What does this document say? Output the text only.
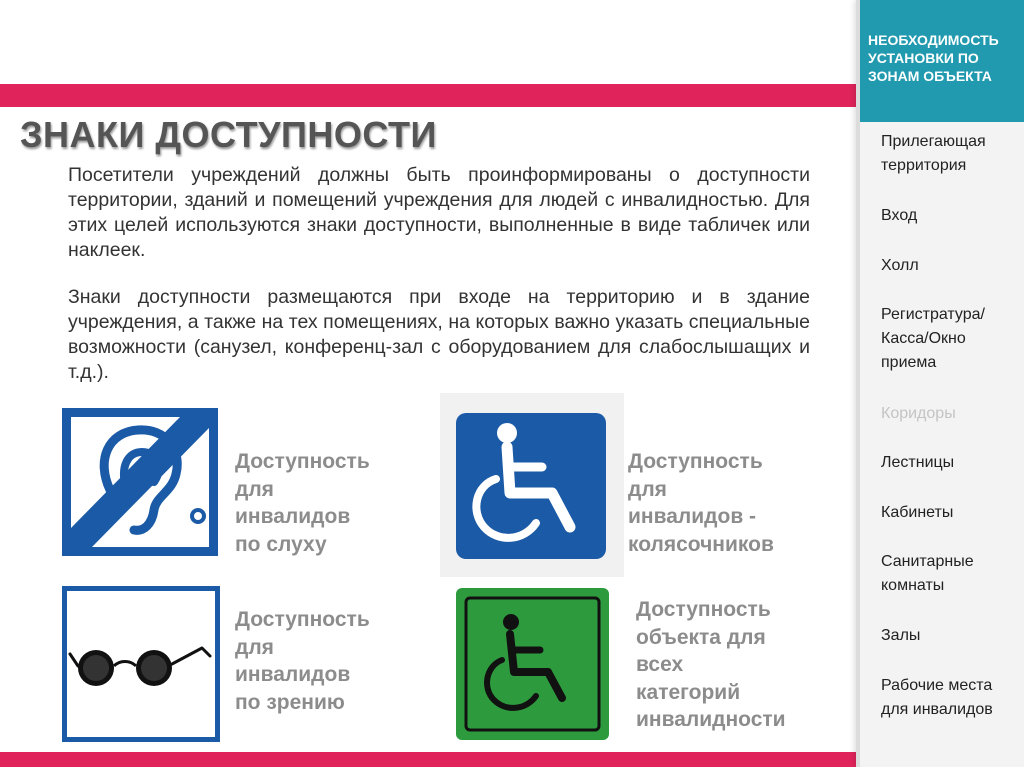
ЗНАКИ ДОСТУПНОСТИ

Посетители учреждений должны быть проинформированы о доступности территории, зданий и помещений учреждения для людей с инвалидностью. Для этих целей используются знаки доступности, выполненные в виде табличек или наклеек.

Знаки доступности размещаются при входе на территорию и в здание учреждения, а также на тех помещениях, на которых важно указать специальные возможности (санузел, конференц-зал с оборудованием для слабослышащих и т.д.).

Доступность
для
инвалидов
по слуху

Доступность
для
инвалидов -
колясочников

Доступность
для
инвалидов
по зрению

Доступность
объекта для
всех
категорий
инвалидности

НЕОБХОДИМОСТЬ УСТАНОВКИ ПО ЗОНАМ ОБЪЕКТА
Прилегающая территория
Вход
Холл
Регистратура/ Касса/Окно приема
Коридоры
Лестницы
Кабинеты
Санитарные комнаты
Залы
Рабочие места для инвалидов
